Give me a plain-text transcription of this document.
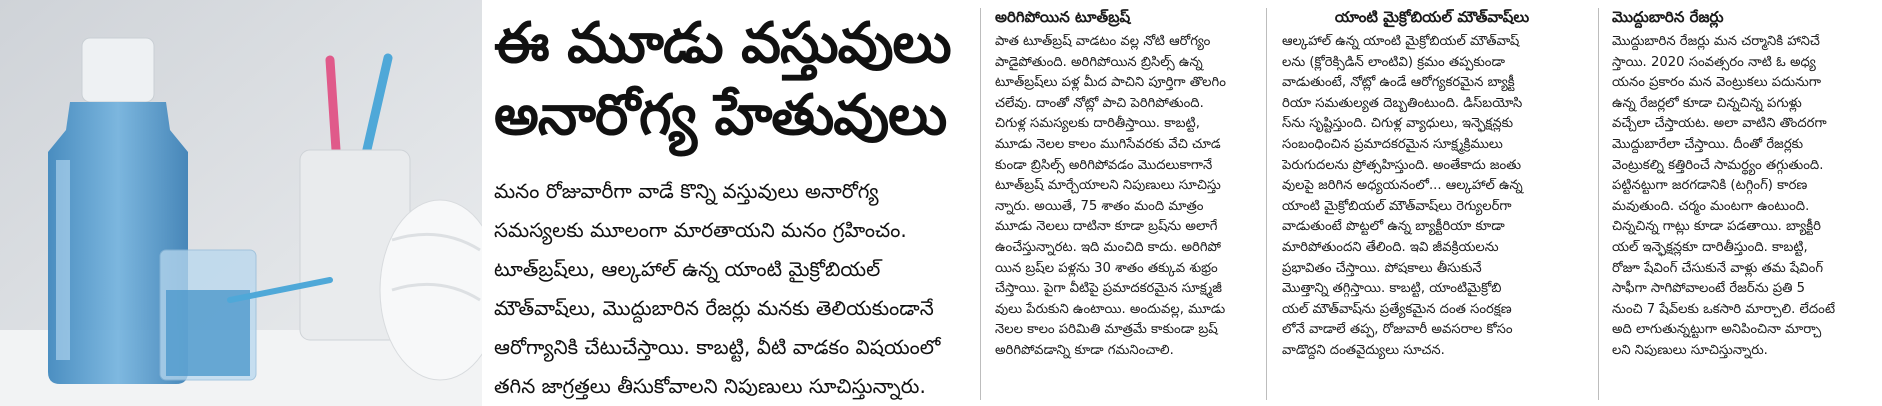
ఈ మూడు వస్తువులు
అనారోగ్య హేతువులు
మనం రోజువారీగా వాడే కొన్ని వస్తువులు అనారోగ్య సమస్యలకు మూలంగా మారతాయని మనం గ్రహించం. టూత్‌బ్రష్‌లు, ఆల్కహాల్ ఉన్న యాంటి మైక్రోబియల్ మౌత్‌వాష్‌లు, మొద్దుబారిన రేజర్లు మనకు తెలియకుండానే ఆరోగ్యానికి చేటుచేస్తాయి. కాబట్టి, వీటి వాడకం విషయంలో తగిన జాగ్రత్తలు తీసుకోవాలని నిపుణులు సూచిస్తున్నారు.
అరిగిపోయిన టూత్‌బ్రష్

పాత టూత్‌బ్రష్ వాడటం వల్ల నోటి ఆరోగ్యం
పాడైపోతుంది. అరిగిపోయిన బ్రిసిల్స్ ఉన్న
టూత్‌బ్రష్‌లు పళ్ల మీద పాచిని పూర్తిగా తొలగిం
చలేవు. దాంతో నోట్లో పాచి పెరిగిపోతుంది.
చిగుళ్ల సమస్యలకు దారితీస్తాయి. కాబట్టి,
మూడు నెలల కాలం ముగిసేవరకు వేచి చూడ
కుండా బ్రిసిల్స్ అరిగిపోవడం మొదలుకాగానే
టూత్‌బ్రష్ మార్చేయాలని నిపుణులు సూచిస్తు
న్నారు. అయితే, 75 శాతం మంది మాత్రం
మూడు నెలలు దాటినా కూడా బ్రష్‌ను అలాగే
ఉంచేస్తున్నారట. ఇది మంచిది కాదు. అరిగిపో
యిన బ్రష్‌ల పళ్లను 30 శాతం తక్కువ శుభ్రం
చేస్తాయి. పైగా వీటిపై ప్రమాదకరమైన సూక్ష్మజీ
వులు పేరుకుని ఉంటాయి. అందువల్ల, మూడు
నెలల కాలం పరిమితి మాత్రమే కాకుండా బ్రష్
అరిగిపోవడాన్ని కూడా గమనించాలి.

యాంటి మైక్రోబియల్ మౌత్‌వాష్‌లు

ఆల్కహాల్ ఉన్న యాంటి మైక్రోబియల్ మౌత్‌వాష్
లను (క్లోరెక్సిడిన్ లాంటివి) క్రమం తప్పకుండా
వాడుతుంటే, నోట్లో ఉండే ఆరోగ్యకరమైన బ్యాక్టీ
రియా సమతుల్యత దెబ్బతింటుంది. డిస్‌బయోసి
స్‌ను సృష్టిస్తుంది. చిగుళ్ల వ్యాధులు, ఇన్ఫెక్షన్లకు
సంబంధించిన ప్రమాదకరమైన సూక్ష్మక్రిములు
పెరుగుదలను ప్రోత్సహిస్తుంది. అంతేకాదు జంతు
వులపై జరిగిన అధ్యయనంలో... ఆల్కహాల్ ఉన్న
యాంటి మైక్రోబియల్ మౌత్‌వాష్‌లు రెగ్యులర్‌గా
వాడుతుంటే పొట్టలో ఉన్న బ్యాక్టీరియా కూడా
మారిపోతుందని తేలింది. ఇవి జీవక్రియలను
ప్రభావితం చేస్తాయి. పోషకాలు తీసుకునే
మొత్తాన్ని తగ్గిస్తాయి. కాబట్టి, యాంటిమైక్రోబి
యల్ మౌత్‌వాష్‌ను ప్రత్యేకమైన దంత సంరక్షణ
లోనే వాడాలే తప్ప, రోజువారీ అవసరాల కోసం
వాడొద్దని దంతవైద్యులు సూచన.

మొద్దుబారిన రేజర్లు

మొద్దుబారిన రేజర్లు మన చర్మానికి హానిచే
స్తాయి. 2020 సంవత్సరం నాటి ఓ అధ్య
యనం ప్రకారం మన వెంట్రుకలు పదునుగా
ఉన్న రేజర్లలో కూడా చిన్నచిన్న పగుళ్లు
వచ్చేలా చేస్తాయట. అలా వాటిని తొందరగా
మొద్దుబారేలా చేస్తాయి. దీంతో రేజర్లకు
వెంట్రుకల్ని కత్తిరించే సామర్థ్యం తగ్గుతుంది.
పట్టినట్టుగా జరగడానికి (టగ్గింగ్) కారణ
మవుతుంది. చర్మం మంటగా ఉంటుంది.
చిన్నచిన్న గాట్లు కూడా పడతాయి. బ్యాక్టీరి
యల్ ఇన్ఫెక్షన్లకూ దారితీస్తుంది. కాబట్టి,
రోజూ షేవింగ్ చేసుకునే వాళ్లు తమ షేవింగ్
సాఫీగా సాగిపోవాలంటే రేజర్‌ను ప్రతి 5
నుంచి 7 షేవ్‌లకు ఒకసారి మార్చాలి. లేదంటే
అది లాగుతున్నట్టుగా అనిపించినా మార్చా
లని నిపుణులు సూచిస్తున్నారు.
